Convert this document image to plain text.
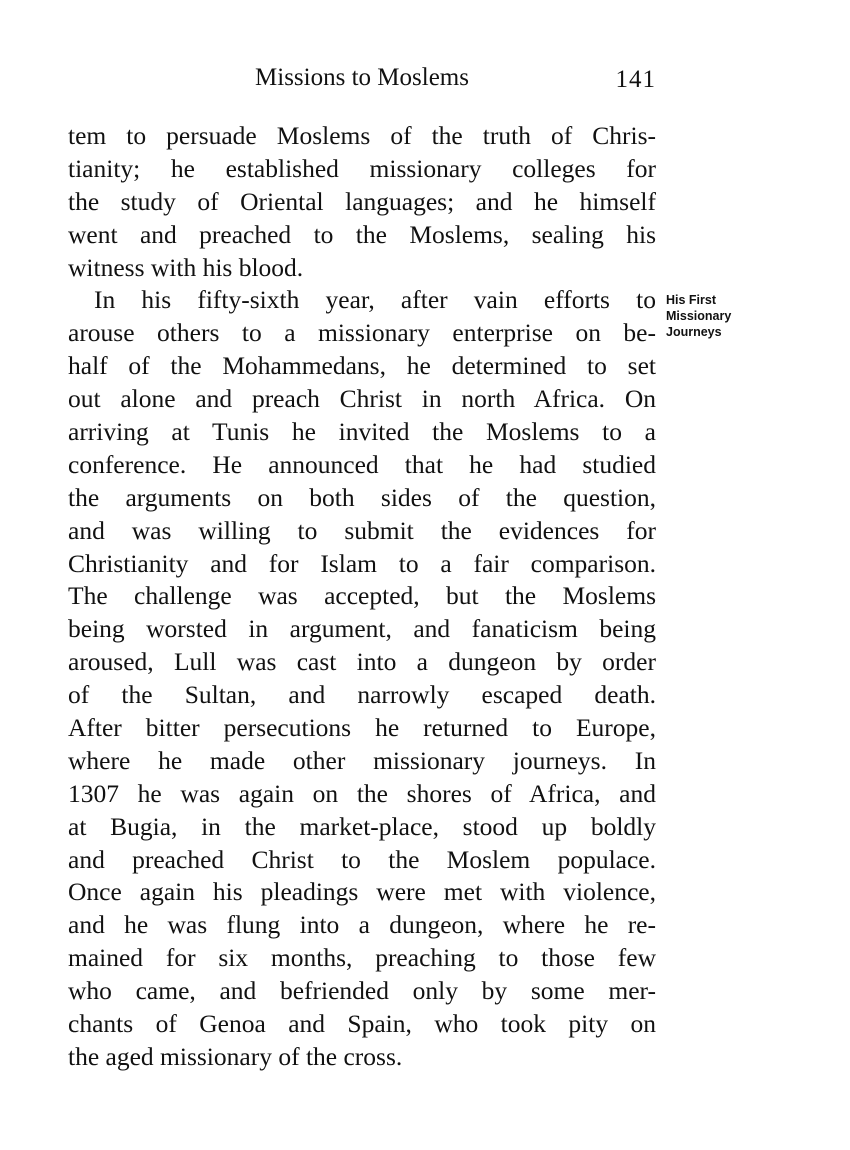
Missions to Moslems	141
tem to persuade Moslems of the truth of Chris-
tianity; he established missionary colleges for
the study of Oriental languages; and he himself
went and preached to the Moslems, sealing his
witness with his blood.
In his fifty-sixth year, after vain efforts to
arouse others to a missionary enterprise on be-
half of the Mohammedans, he determined to set
out alone and preach Christ in north Africa. On
arriving at Tunis he invited the Moslems to a
conference. He announced that he had studied
the arguments on both sides of the question,
and was willing to submit the evidences for
Christianity and for Islam to a fair comparison.
The challenge was accepted, but the Moslems
being worsted in argument, and fanaticism being
aroused, Lull was cast into a dungeon by order
of the Sultan, and narrowly escaped death.
After bitter persecutions he returned to Europe,
where he made other missionary journeys. In
1307 he was again on the shores of Africa, and
at Bugia, in the market-place, stood up boldly
and preached Christ to the Moslem populace.
Once again his pleadings were met with violence,
and he was flung into a dungeon, where he re-
mained for six months, preaching to those few
who came, and befriended only by some mer-
chants of Genoa and Spain, who took pity on
the aged missionary of the cross.
His First
Missionary
Journeys
